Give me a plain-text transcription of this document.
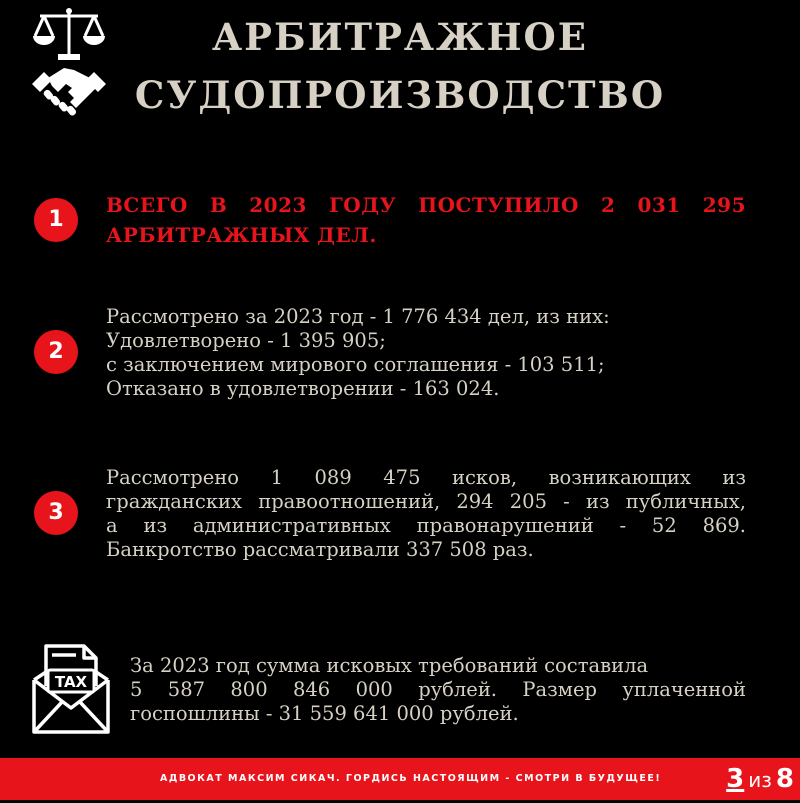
АРБИТРАЖНОЕ
СУДОПРОИЗВОДСТВО
1
ВСЕГО В 2023 ГОДУ ПОСТУПИЛО 2 031 295
АРБИТРАЖНЫХ ДЕЛ.
2
Рассмотрено за 2023 год - 1 776 434 дел, из них:
Удовлетворено - 1 395 905;
с заключением мирового соглашения - 103 511;
Отказано в удовлетворении - 163 024.
3
Рассмотрено 1 089 475 исков, возникающих из
гражданских правоотношений, 294 205 - из публичных,
а из административных правонарушений - 52 869.
Банкротство рассматривали 337 508 раз.
TAX
За 2023 год сумма исковых требований составила
5 587 800 846 000 рублей. Размер уплаченной
госпошлины - 31 559 641 000 рублей.
АДВОКАТ МАКСИМ СИКАЧ. ГОРДИСЬ НАСТОЯЩИМ - СМОТРИ В БУДУЩЕЕ!	3 из 8
